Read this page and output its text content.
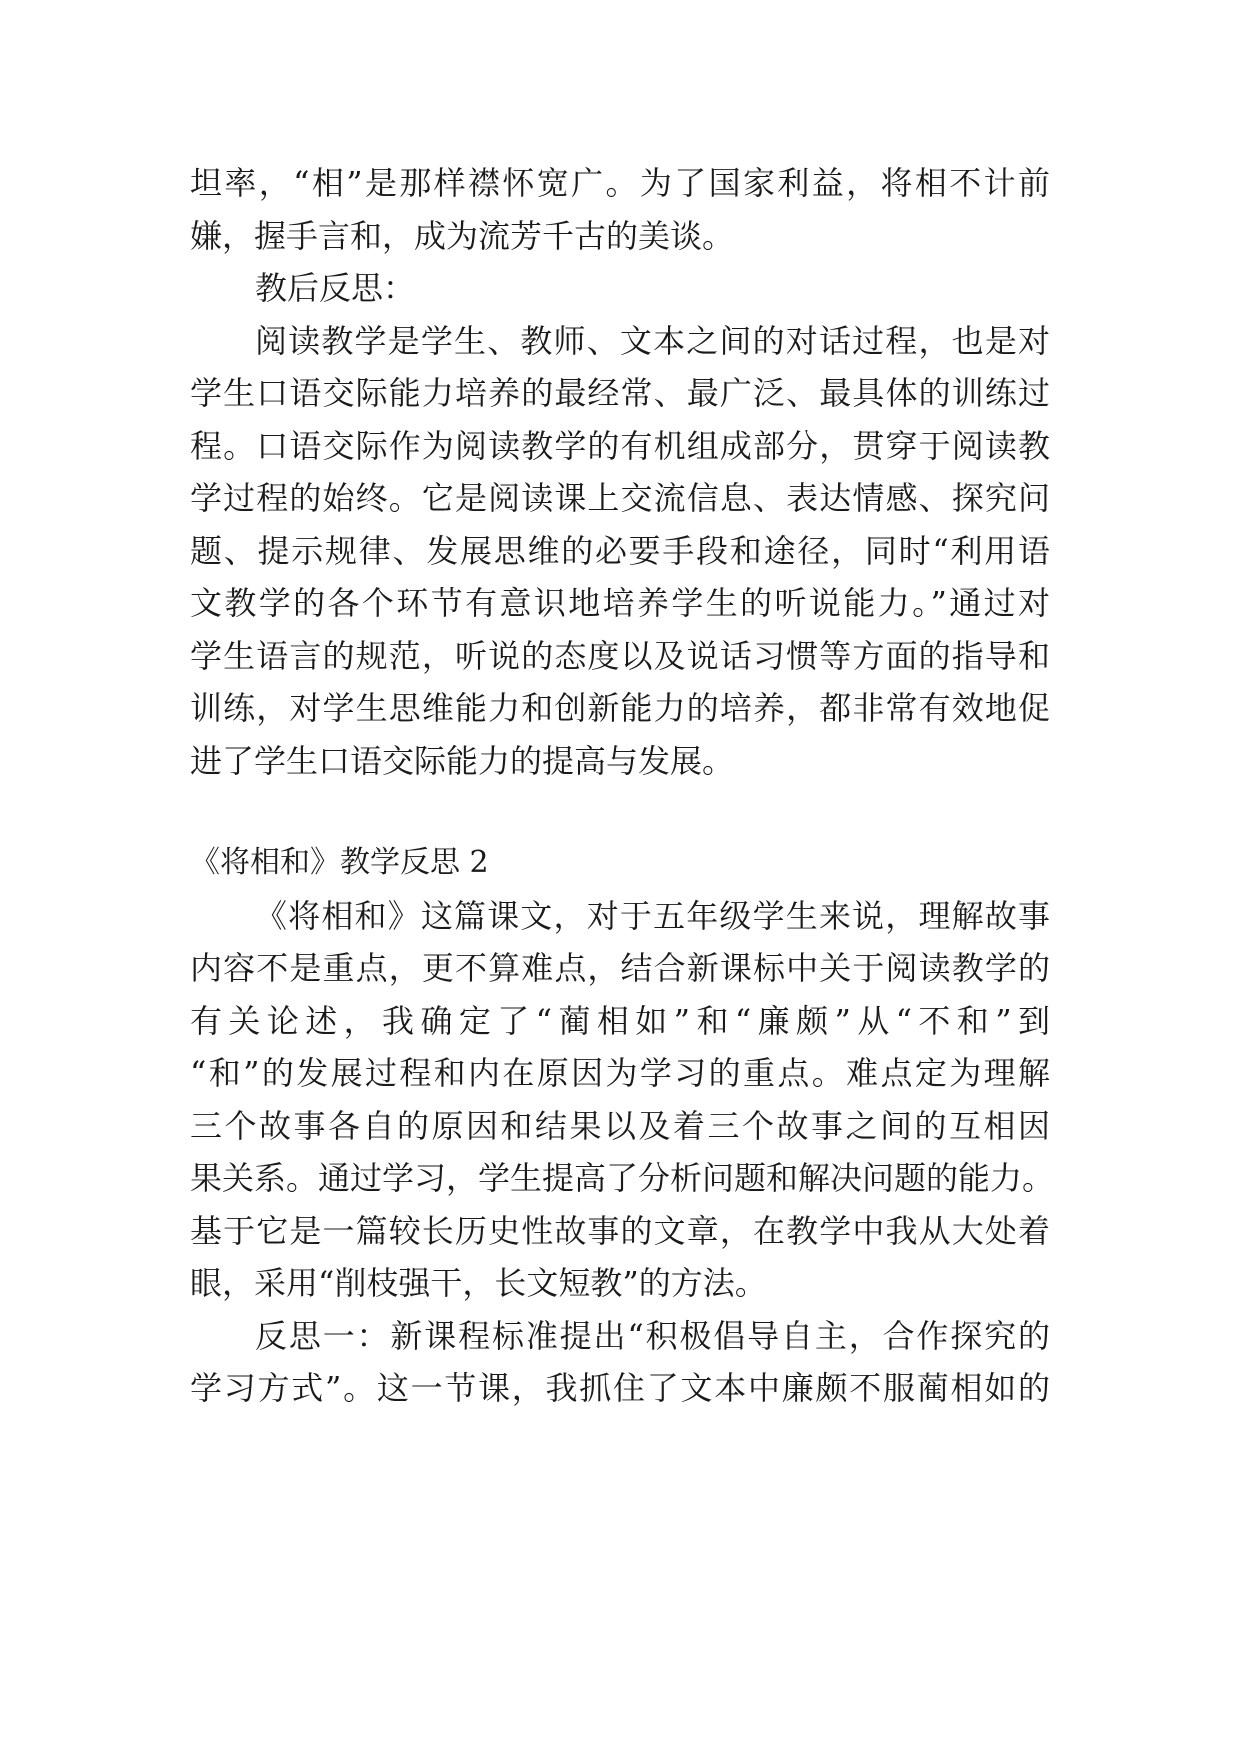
坦率，“相”是那样襟怀宽广。为了国家利益，将相不计前
嫌，握手言和，成为流芳千古的美谈。
教后反思：
阅读教学是学生、教师、文本之间的对话过程，也是对
学生口语交际能力培养的最经常、最广泛、最具体的训练过
程。口语交际作为阅读教学的有机组成部分，贯穿于阅读教
学过程的始终。它是阅读课上交流信息、表达情感、探究问
题、提示规律、发展思维的必要手段和途径，同时“利用语
文教学的各个环节有意识地培养学生的听说能力。”通过对
学生语言的规范，听说的态度以及说话习惯等方面的指导和
训练，对学生思维能力和创新能力的培养，都非常有效地促
进了学生口语交际能力的提高与发展。
《将相和》教学反思 2
《将相和》这篇课文，对于五年级学生来说，理解故事
内容不是重点，更不算难点，结合新课标中关于阅读教学的
有关论述，我确定了“蔺相如”和“廉颇”从“不和”到
“和”的发展过程和内在原因为学习的重点。难点定为理解
三个故事各自的原因和结果以及着三个故事之间的互相因
果关系。通过学习，学生提高了分析问题和解决问题的能力。
基于它是一篇较长历史性故事的文章，在教学中我从大处着
眼，采用“削枝强干，长文短教”的方法。
反思一：新课程标准提出“积极倡导自主，合作探究的
学习方式”。这一节课，我抓住了文本中廉颇不服蔺相如的
